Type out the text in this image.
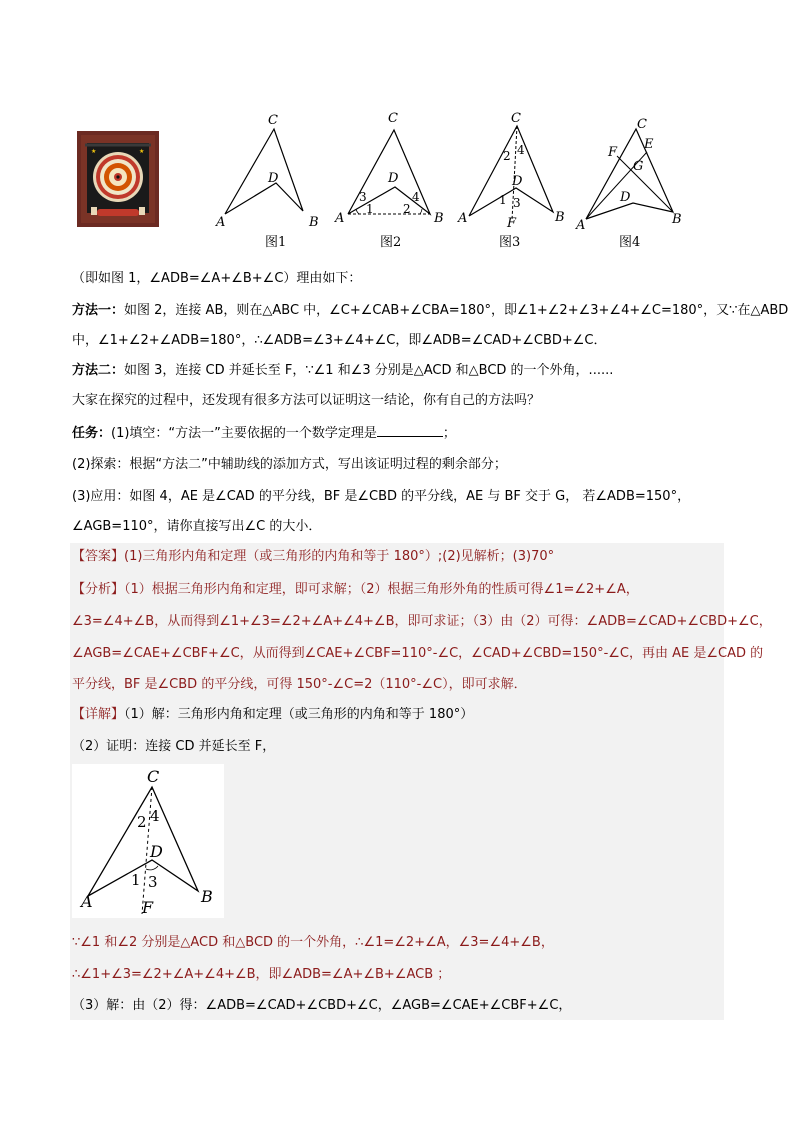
★	★
C
D
A	B
图1
C
D
3	4
A
1 2
B
图2
C
4
2
D
1 3
A	F	B
图3
C
E
F
G
D
A	B
图4
（即如图 1，∠ADB=∠A+∠B+∠C）理由如下：
方法一：如图 2，连接 AB，则在△ABC 中，∠C+∠CAB+∠CBA=180°，即∠1+∠2+∠3+∠4+∠C=180°，又∵在△ABD
中，∠1+∠2+∠ADB=180°，∴∠ADB=∠3+∠4+∠C，即∠ADB=∠CAD+∠CBD+∠C．
方法二：如图 3，连接 CD 并延长至 F，∵∠1 和∠3 分别是△ACD 和△BCD 的一个外角，......
大家在探究的过程中，还发现有很多方法可以证明这一结论，你有自己的方法吗？
任务：(1)填空：“方法一”主要依据的一个数学定理是	；
(2)探索：根据“方法二”中辅助线的添加方式，写出该证明过程的剩余部分；
(3)应用：如图 4，AE 是∠CAD 的平分线，BF 是∠CBD 的平分线，AE 与 BF 交于 G， 若∠ADB=150°，
∠AGB=110°，请你直接写出∠C 的大小．
【答案】(1)三角形内角和定理（或三角形的内角和等于 180°）;(2)见解析；(3)70°
【分析】（1）根据三角形内角和定理，即可求解；（2）根据三角形外角的性质可得∠1=∠2+∠A，
∠3=∠4+∠B，从而得到∠1+∠3=∠2+∠A+∠4+∠B，即可求证；（3）由（2）可得：∠ADB=∠CAD+∠CBD+∠C，
∠AGB=∠CAE+∠CBF+∠C，从而得到∠CAE+∠CBF=110°-∠C，∠CAD+∠CBD=150°-∠C，再由 AE 是∠CAD 的
平分线，BF 是∠CBD 的平分线，可得 150°-∠C=2（110°-∠C），即可求解．
【详解】（1）解：三角形内角和定理（或三角形的内角和等于 180°）
（2）证明：连接 CD 并延长至 F，
C
2 4
D
1 3
A	F
B
∵∠1 和∠2 分别是△ACD 和△BCD 的一个外角，∴∠1=∠2+∠A，∠3=∠4+∠B，
∴∠1+∠3=∠2+∠A+∠4+∠B，即∠ADB=∠A+∠B+∠ACB ；
（3）解：由（2）得：∠ADB=∠CAD+∠CBD+∠C，∠AGB=∠CAE+∠CBF+∠C，
